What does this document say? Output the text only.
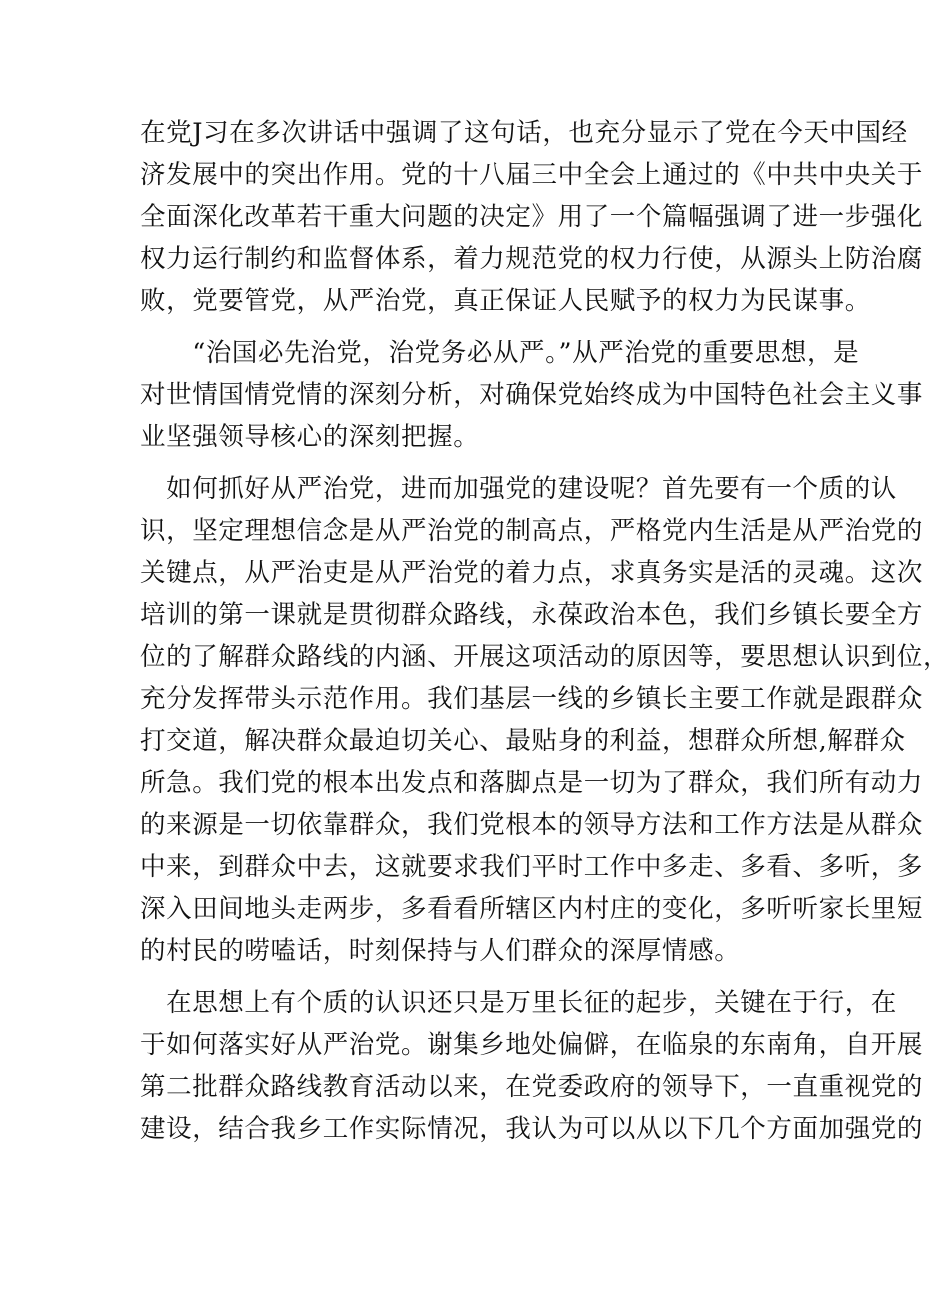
在党J习在多次讲话中强调了这句话，也充分显示了党在今天中国经
济发展中的突出作用。党的十八届三中全会上通过的《中共中央关于
全面深化改革若干重大问题的决定》用了一个篇幅强调了进一步强化
权力运行制约和监督体系，着力规范党的权力行使，从源头上防治腐
败，党要管党，从严治党，真正保证人民赋予的权力为民谋事。
　　“治国必先治党，治党务必从严。”从严治党的重要思想，是
对世情国情党情的深刻分析，对确保党始终成为中国特色社会主义事
业坚强领导核心的深刻把握。
　如何抓好从严治党，进而加强党的建设呢？首先要有一个质的认
识，坚定理想信念是从严治党的制高点，严格党内生活是从严治党的
关键点，从严治吏是从严治党的着力点，求真务实是活的灵魂。这次
培训的第一课就是贯彻群众路线，永葆政治本色，我们乡镇长要全方
位的了解群众路线的内涵、开展这项活动的原因等，要思想认识到位，
充分发挥带头示范作用。我们基层一线的乡镇长主要工作就是跟群众
打交道，解决群众最迫切关心、最贴身的利益，想群众所想,解群众
所急。我们党的根本出发点和落脚点是一切为了群众，我们所有动力
的来源是一切依靠群众，我们党根本的领导方法和工作方法是从群众
中来，到群众中去，这就要求我们平时工作中多走、多看、多听，多
深入田间地头走两步，多看看所辖区内村庄的变化，多听听家长里短
的村民的唠嗑话，时刻保持与人们群众的深厚情感。
　在思想上有个质的认识还只是万里长征的起步，关键在于行，在
于如何落实好从严治党。谢集乡地处偏僻，在临泉的东南角，自开展
第二批群众路线教育活动以来，在党委政府的领导下，一直重视党的
建设，结合我乡工作实际情况，我认为可以从以下几个方面加强党的
